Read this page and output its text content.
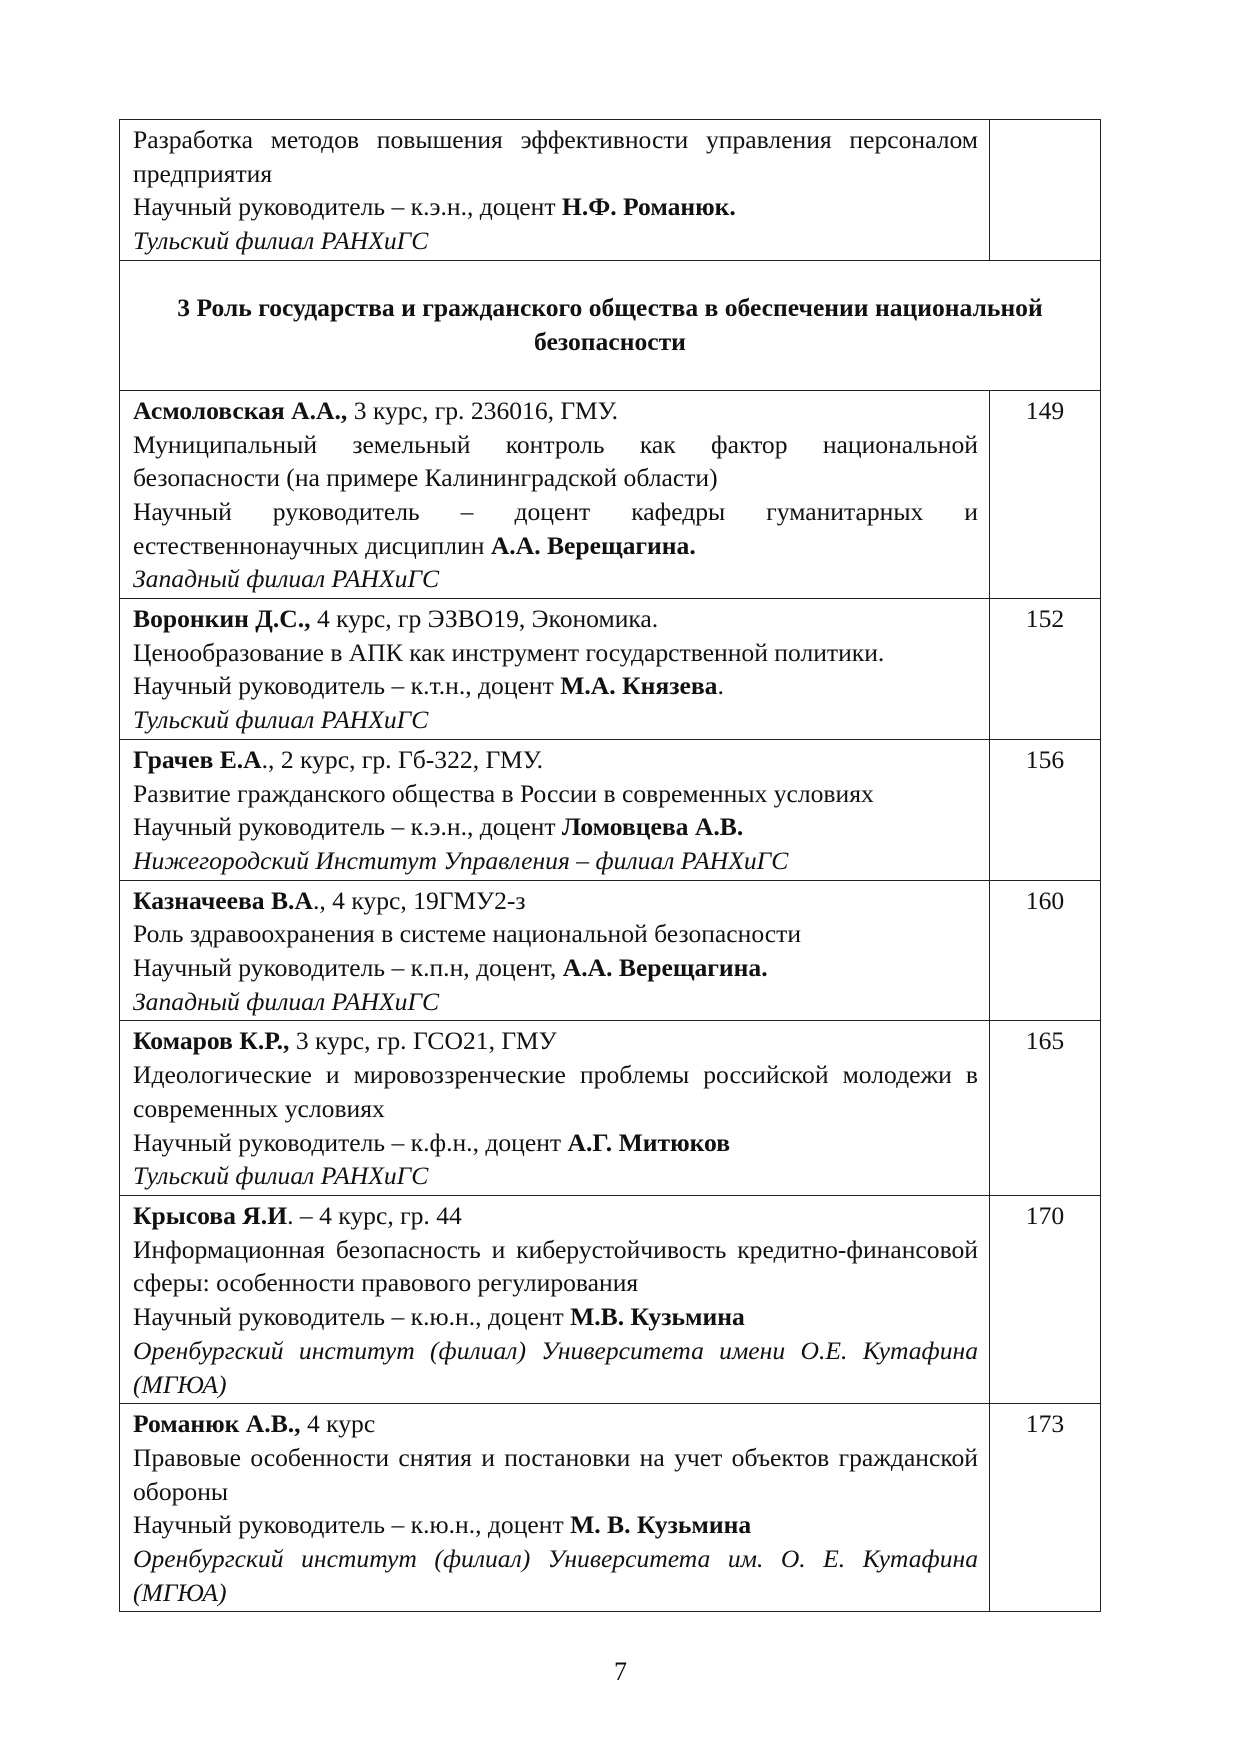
Разработка методов повышения эффективности управления персоналом предприятия
Научный руководитель – к.э.н., доцент Н.Ф. Романюк.
Тульский филиал РАНХиГС	

3 Роль государства и гражданского общества в обеспечении национальной безопасности	

Асмоловская А.А., 3 курс, гр. 236016, ГМУ.
Муниципальный земельный контроль как фактор национальной безопасности (на примере Калининградской области)
Научный руководитель – доцент кафедры гуманитарных и естественнонаучных дисциплин А.А. Верещагина.
Западный филиал РАНХиГС	149

Воронкин Д.С., 4 курс, гр ЭЗВО19, Экономика.
Ценообразование в АПК как инструмент государственной политики.
Научный руководитель – к.т.н., доцент М.А. Князева.
Тульский филиал РАНХиГС	152

Грачев Е.А., 2 курс, гр. Гб-322, ГМУ.
Развитие гражданского общества в России в современных условиях
Научный руководитель – к.э.н., доцент Ломовцева А.В.
Нижегородский Институт Управления – филиал РАНХиГС	156

Казначеева В.А., 4 курс, 19ГМУ2-з
Роль здравоохранения в системе национальной безопасности
Научный руководитель – к.п.н, доцент, А.А. Верещагина.
Западный филиал РАНХиГС	160

Комаров К.Р., 3 курс, гр. ГСО21, ГМУ
Идеологические и мировоззренческие проблемы российской молодежи в современных условиях
Научный руководитель – к.ф.н., доцент А.Г. Митюков
Тульский филиал РАНХиГС	165

Крысова Я.И. – 4 курс, гр. 44
Информационная безопасность и киберустойчивость кредитно-финансовой сферы: особенности правового регулирования
Научный руководитель – к.ю.н., доцент М.В. Кузьмина
Оренбургский институт (филиал) Университета имени О.Е. Кутафина (МГЮА)	170

Романюк А.В., 4 курс
Правовые особенности снятия и постановки на учет объектов гражданской обороны
Научный руководитель – к.ю.н., доцент М. В. Кузьмина
Оренбургский институт (филиал) Университета им. О. Е. Кутафина (МГЮА)	173
7
